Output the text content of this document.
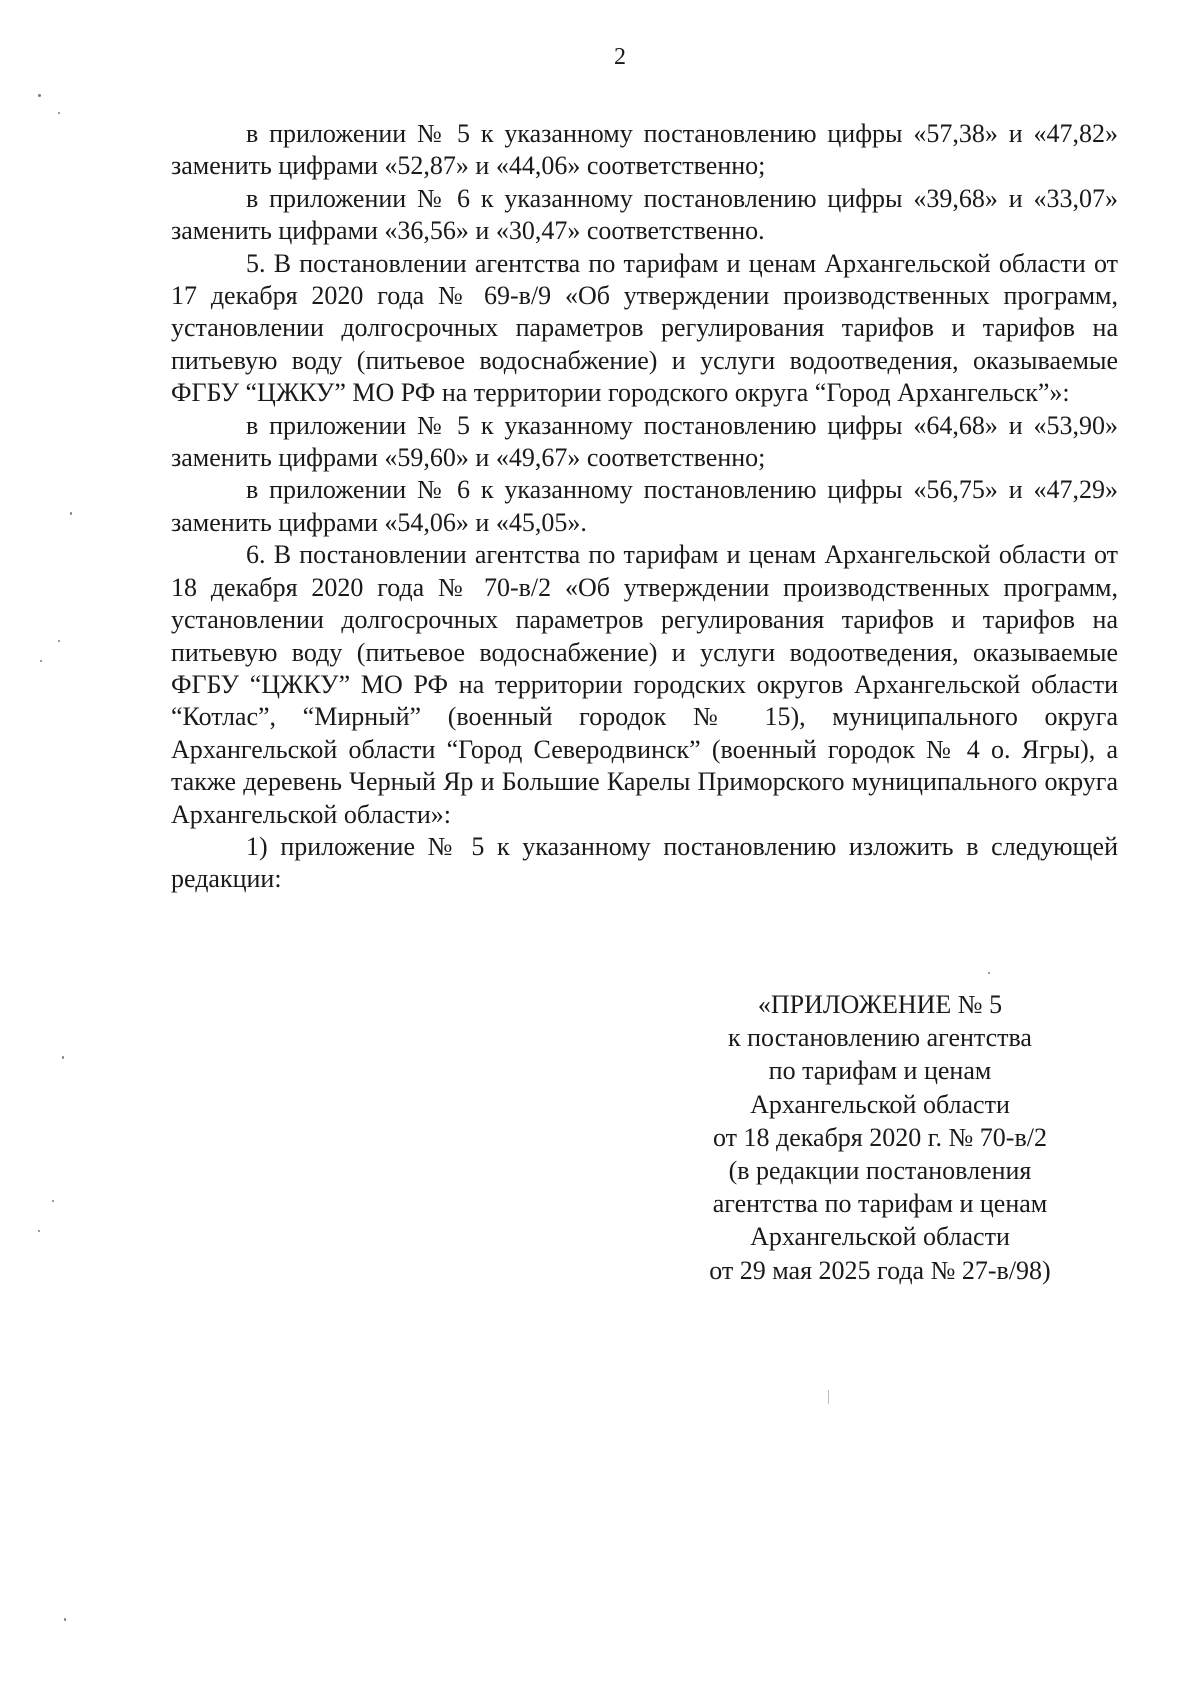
2

в приложении № 5 к указанному постановлению цифры «57,38» и «47,82» заменить цифрами «52,87» и «44,06» соответственно;

в приложении № 6 к указанному постановлению цифры «39,68» и «33,07» заменить цифрами «36,56» и «30,47» соответственно.

5. В постановлении агентства по тарифам и ценам Архангельской области от 17 декабря 2020 года № 69-в/9 «Об утверждении производственных программ, установлении долгосрочных параметров регулирования тарифов и тарифов на питьевую воду (питьевое водоснабжение) и услуги водоотведения, оказываемые ФГБУ “ЦЖКУ” МО РФ на территории городского округа “Город Архангельск”»:

в приложении № 5 к указанному постановлению цифры «64,68» и «53,90» заменить цифрами «59,60» и «49,67» соответственно;

в приложении № 6 к указанному постановлению цифры «56,75» и «47,29» заменить цифрами «54,06» и «45,05».

6. В постановлении агентства по тарифам и ценам Архангельской области от 18 декабря 2020 года № 70-в/2 «Об утверждении производственных программ, установлении долгосрочных параметров регулирования тарифов и тарифов на питьевую воду (питьевое водоснабжение) и услуги водоотведения, оказываемые ФГБУ “ЦЖКУ” МО РФ на территории городских округов Архангельской области “Котлас”, “Мирный” (военный городок № 15), муниципального округа Архангельской области “Город Северодвинск” (военный городок № 4 о. Ягры), а также деревень Черный Яр и Большие Карелы Приморского муниципального округа Архангельской области»:

1) приложение № 5 к указанному постановлению изложить в следующей редакции:

«ПРИЛОЖЕНИЕ № 5
к постановлению агентства
по тарифам и ценам
Архангельской области
от 18 декабря 2020 г. № 70-в/2
(в редакции постановления
агентства по тарифам и ценам
Архангельской области
от 29 мая 2025 года № 27-в/98)
